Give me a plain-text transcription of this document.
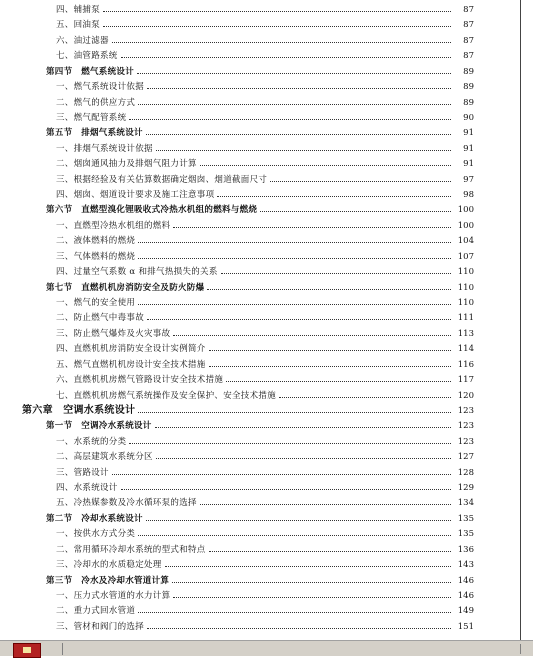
四、辅捕泵	87
五、回油泵	87
六、油过滤器	87
七、油管路系统	87
第四节　燃气系统设计	89
一、燃气系统设计依据	89
二、燃气的供应方式	89
三、燃气配管系统	90
第五节　排烟气系统设计	91
一、排烟气系统设计依据	91
二、烟囱通风抽力及排烟气阻力计算	91
三、根据经验及有关估算数据确定烟囱、烟道截面尺寸	97
四、烟囱、烟道设计要求及施工注意事项	98
第六节　直燃型溴化锂吸收式冷热水机组的燃料与燃烧	100
一、直燃型冷热水机组的燃料	100
二、液体燃料的燃烧	104
三、气体燃料的燃烧	107
四、过量空气系数 α 和排气热损失的关系	110
第七节　直燃机机房消防安全及防火防爆	110
一、燃气的安全使用	110
二、防止燃气中毒事故	111
三、防止燃气爆炸及火灾事故	113
四、直燃机机房消防安全设计实例简介	114
五、燃气直燃机机房设计安全技术措施	116
六、直燃机机房燃气管路设计安全技术措施	117
七、直燃机机房燃气系统操作及安全保护、安全技术措施	120
第六章　空调水系统设计	123
第一节　空调冷水系统设计	123
一、水系统的分类	123
二、高层建筑水系统分区	127
三、管路设计	128
四、水系统设计	129
五、冷热媒参数及冷水循环泵的选择	134
第二节　冷却水系统设计	135
一、按供水方式分类	135
二、常用循环冷却水系统的型式和特点	136
三、冷却水的水质稳定处理	143
第三节　冷水及冷却水管道计算	146
一、压力式水管道的水力计算	146
二、重力式回水管道	149
三、管材和阀门的选择	151
